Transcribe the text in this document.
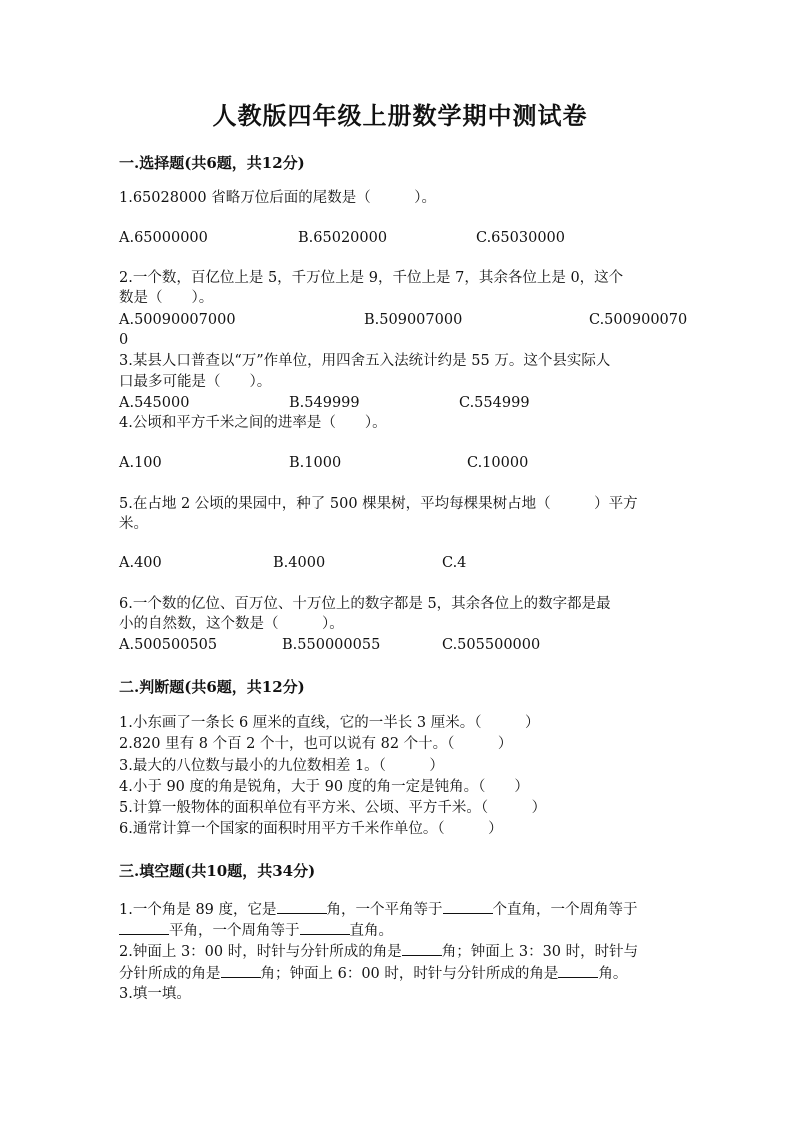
人教版四年级上册数学期中测试卷
一.选择题(共6题，共12分)
1.65028000 省略万位后面的尾数是（　　　）。
A.65000000	B.65020000	C.65030000
2.一个数，百亿位上是 5，千万位上是 9，千位上是 7，其余各位上是 0，这个
数是（　　）。
A.50090007000	B.509007000	C.500900070
0
3.某县人口普查以“万”作单位，用四舍五入法统计约是 55 万。这个县实际人
口最多可能是（　　）。
A.545000	B.549999	C.554999
4.公顷和平方千米之间的进率是（　　）。
A.100	B.1000	C.10000
5.在占地 2 公顷的果园中，种了 500 棵果树，平均每棵果树占地（　　　）平方
米。
A.400	B.4000	C.4
6.一个数的亿位、百万位、十万位上的数字都是 5，其余各位上的数字都是最
小的自然数，这个数是（　　　）。
A.500500505	B.550000055	C.505500000
二.判断题(共6题，共12分)
1.小东画了一条长 6 厘米的直线，它的一半长 3 厘米。（　　　）
2.820 里有 8 个百 2 个十，也可以说有 82 个十。（　　　）
3.最大的八位数与最小的九位数相差 1。（　　　）
4.小于 90 度的角是锐角，大于 90 度的角一定是钝角。（　　）
5.计算一般物体的面积单位有平方米、公顷、平方千米。（　　　）
6.通常计算一个国家的面积时用平方千米作单位。（　　　）
三.填空题(共10题，共34分)
1.一个角是 89 度，它是	角，一个平角等于	个直角，一个周角等于
平角，一个周角等于	直角。
2.钟面上 3：00 时，时针与分针所成的角是	角；钟面上 3：30 时，时针与
分针所成的角是	角；钟面上 6：00 时，时针与分针所成的角是	角。
3.填一填。
